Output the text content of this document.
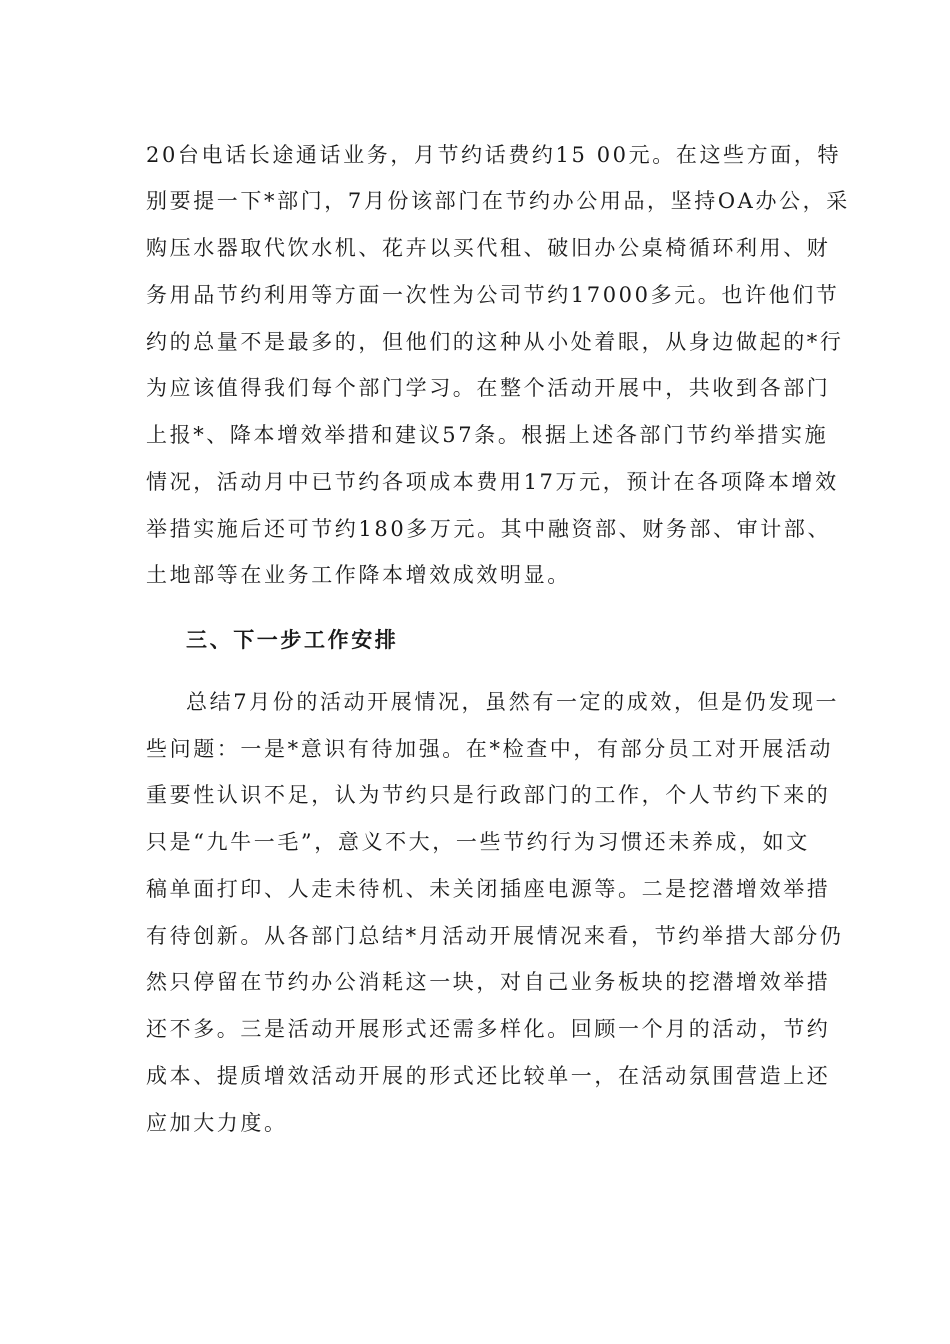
20台电话长途通话业务，月节约话费约15 00元。在这些方面，特
别要提一下*部门，7月份该部门在节约办公用品，坚持OA办公，采
购压水器取代饮水机、花卉以买代租、破旧办公桌椅循环利用、财
务用品节约利用等方面一次性为公司节约17000多元。也许他们节
约的总量不是最多的，但他们的这种从小处着眼，从身边做起的*行
为应该值得我们每个部门学习。在整个活动开展中，共收到各部门
上报*、降本增效举措和建议57条。根据上述各部门节约举措实施
情况，活动月中已节约各项成本费用17万元，预计在各项降本增效
举措实施后还可节约180多万元。其中融资部、财务部、审计部、
土地部等在业务工作降本增效成效明显。
三、下一步工作安排
总结7月份的活动开展情况，虽然有一定的成效，但是仍发现一
些问题：一是*意识有待加强。在*检查中，有部分员工对开展活动
重要性认识不足，认为节约只是行政部门的工作，个人节约下来的
只是“九牛一毛”，意义不大，一些节约行为习惯还未养成，如文
稿单面打印、人走未待机、未关闭插座电源等。二是挖潜增效举措
有待创新。从各部门总结*月活动开展情况来看，节约举措大部分仍
然只停留在节约办公消耗这一块，对自己业务板块的挖潜增效举措
还不多。三是活动开展形式还需多样化。回顾一个月的活动，节约
成本、提质增效活动开展的形式还比较单一，在活动氛围营造上还
应加大力度。
